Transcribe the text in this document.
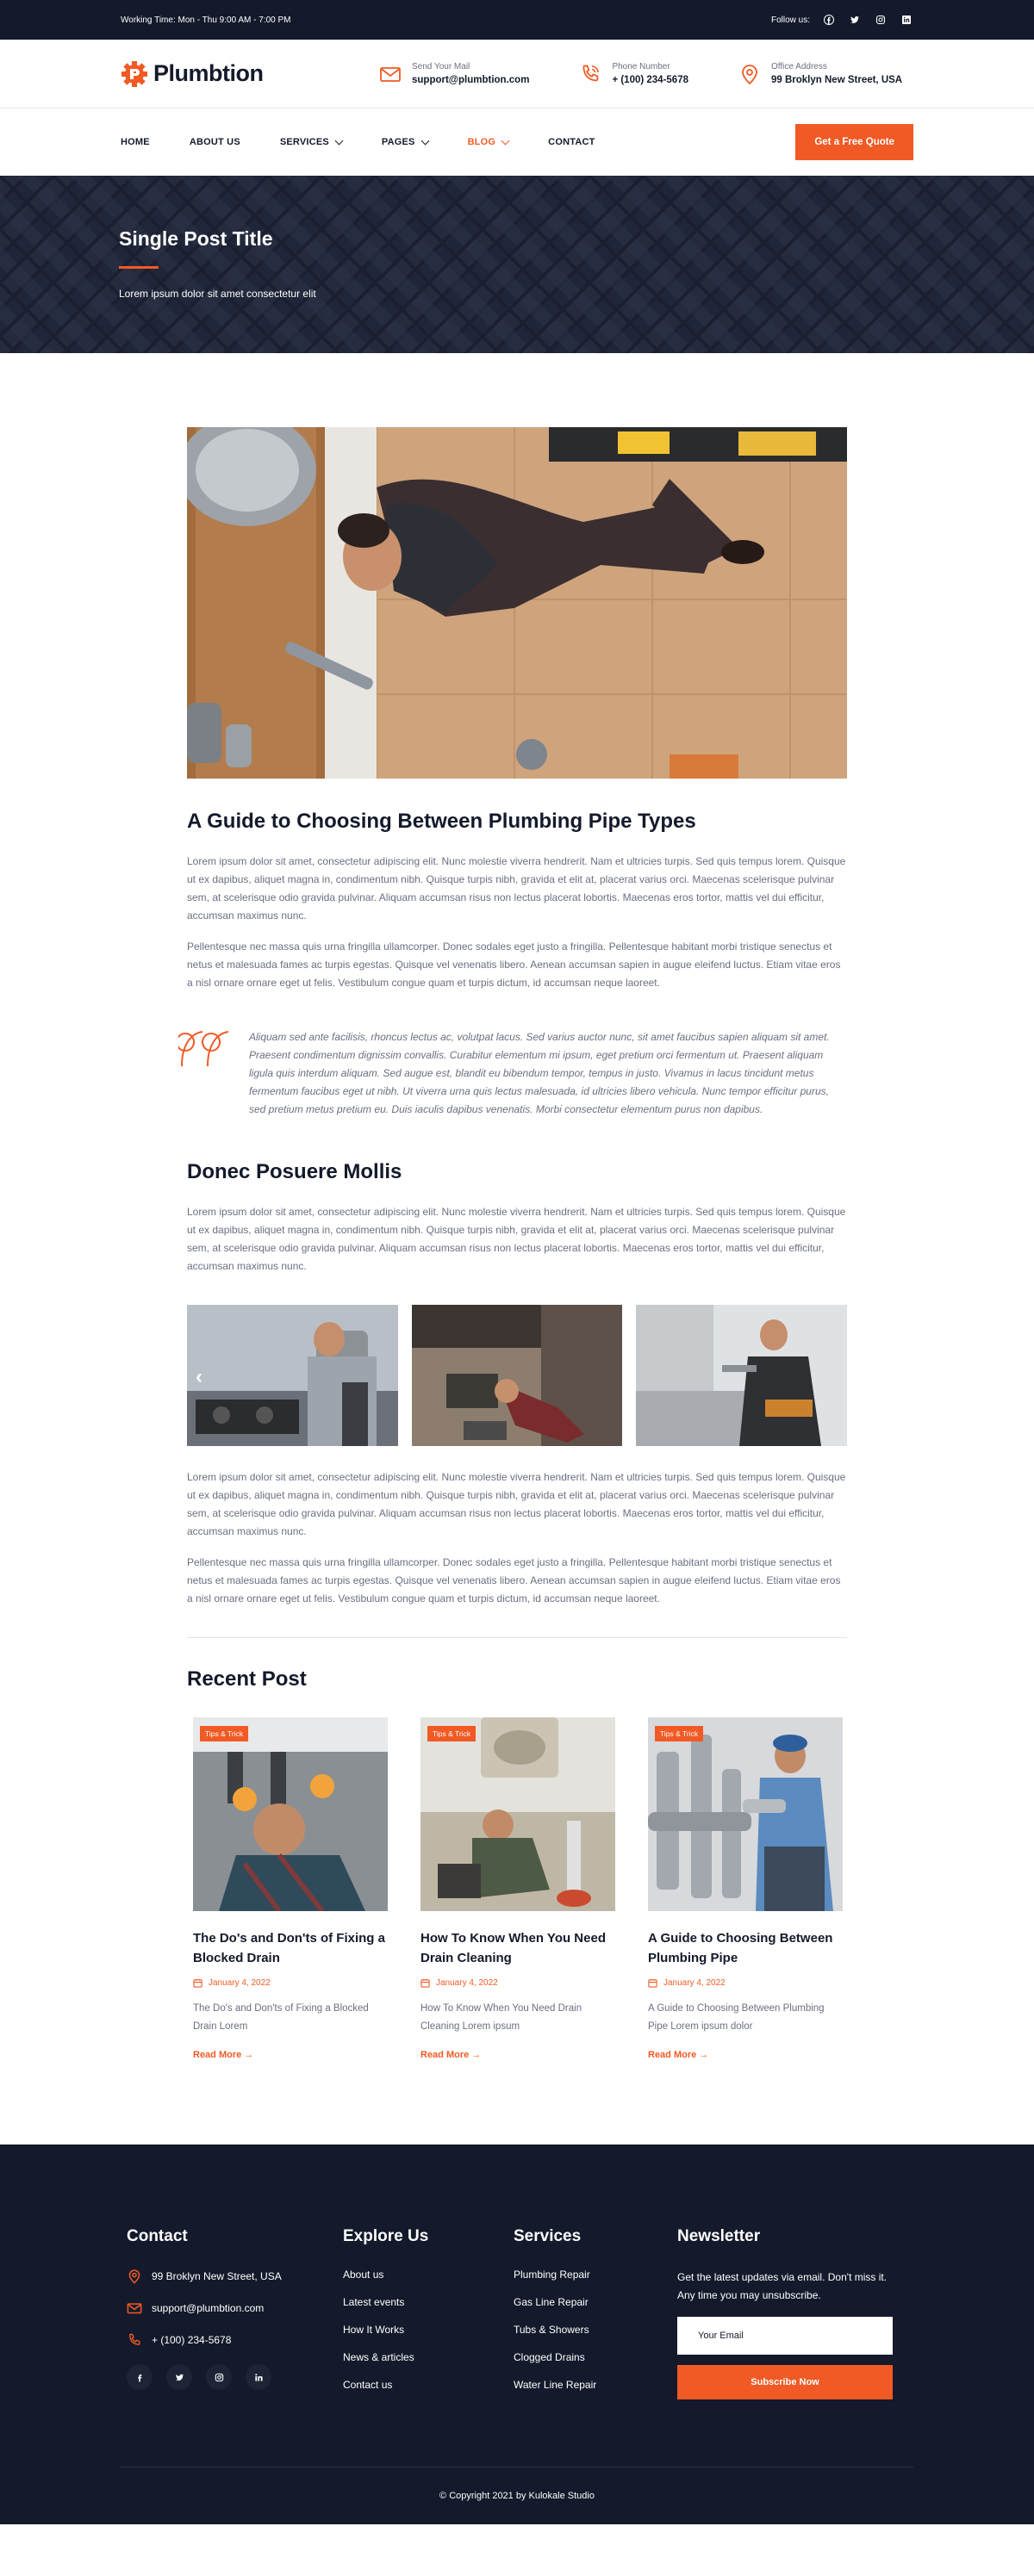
Working Time: Mon - Thu 9:00 AM - 7:00 PM	Follow us:
Plumbtion	Send Your Mail
support@plumbtion.com
Phone Number
+ (100) 234-5678
Office Address
99 Broklyn New Street, USA
HOME	ABOUT US	SERVICES	PAGES	BLOG	CONTACT	Get a Free Quote
Single Post Title

Lorem ipsum dolor sit amet consectetur elit

A Guide to Choosing Between Plumbing Pipe Types

Lorem ipsum dolor sit amet, consectetur adipiscing elit. Nunc molestie viverra hendrerit. Nam et ultricies turpis. Sed quis tempus lorem. Quisque ut ex dapibus, aliquet magna in, condimentum nibh. Quisque turpis nibh, gravida et elit at, placerat varius orci. Maecenas scelerisque pulvinar sem, at scelerisque odio gravida pulvinar. Aliquam accumsan risus non lectus placerat lobortis. Maecenas eros tortor, mattis vel dui efficitur, accumsan maximus nunc.

Pellentesque nec massa quis urna fringilla ullamcorper. Donec sodales eget justo a fringilla. Pellentesque habitant morbi tristique senectus et netus et malesuada fames ac turpis egestas. Quisque vel venenatis libero. Aenean accumsan sapien in augue eleifend luctus. Etiam vitae eros a nisl ornare ornare eget ut felis. Vestibulum congue quam et turpis dictum, id accumsan neque laoreet.

Aliquam sed ante facilisis, rhoncus lectus ac, volutpat lacus. Sed varius auctor nunc, sit amet faucibus sapien aliquam sit amet. Praesent condimentum dignissim convallis. Curabitur elementum mi ipsum, eget pretium orci fermentum ut. Praesent aliquam ligula quis interdum aliquam. Sed augue est, blandit eu bibendum tempor, tempus in justo. Vivamus in lacus tincidunt metus fermentum faucibus eget ut nibh. Ut viverra urna quis lectus malesuada, id ultricies libero vehicula. Nunc tempor efficitur purus, sed pretium metus pretium eu. Duis iaculis dapibus venenatis. Morbi consectetur elementum purus non dapibus.

Donec Posuere Mollis

Lorem ipsum dolor sit amet, consectetur adipiscing elit. Nunc molestie viverra hendrerit. Nam et ultricies turpis. Sed quis tempus lorem. Quisque ut ex dapibus, aliquet magna in, condimentum nibh. Quisque turpis nibh, gravida et elit at, placerat varius orci. Maecenas scelerisque pulvinar sem, at scelerisque odio gravida pulvinar. Aliquam accumsan risus non lectus placerat lobortis. Maecenas eros tortor, mattis vel dui efficitur, accumsan maximus nunc.

‹

Lorem ipsum dolor sit amet, consectetur adipiscing elit. Nunc molestie viverra hendrerit. Nam et ultricies turpis. Sed quis tempus lorem. Quisque ut ex dapibus, aliquet magna in, condimentum nibh. Quisque turpis nibh, gravida et elit at, placerat varius orci. Maecenas scelerisque pulvinar sem, at scelerisque odio gravida pulvinar. Aliquam accumsan risus non lectus placerat lobortis. Maecenas eros tortor, mattis vel dui efficitur, accumsan maximus nunc.

Pellentesque nec massa quis urna fringilla ullamcorper. Donec sodales eget justo a fringilla. Pellentesque habitant morbi tristique senectus et netus et malesuada fames ac turpis egestas. Quisque vel venenatis libero. Aenean accumsan sapien in augue eleifend luctus. Etiam vitae eros a nisl ornare ornare eget ut felis. Vestibulum congue quam et turpis dictum, id accumsan neque laoreet.

Recent Post
Tips & Trick
The Do's and Don'ts of Fixing a Blocked Drain
January 4, 2022

The Do's and Don'ts of Fixing a Blocked Drain Lorem

Read More →
Tips & Trick
How To Know When You Need Drain Cleaning
January 4, 2022

How To Know When You Need Drain Cleaning Lorem ipsum

Read More →
Tips & Trick
A Guide to Choosing Between Plumbing Pipe
January 4, 2022

A Guide to Choosing Between Plumbing Pipe Lorem ipsum dolor

Read More →
Contact
99 Broklyn New Street, USA
support@plumbtion.com
+ (100) 234-5678
Explore Us
About us
Latest events
How It Works
News & articles
Contact us
Services
Plumbing Repair
Gas Line Repair
Tubs & Showers
Clogged Drains
Water Line Repair
Newsletter

Get the latest updates via email. Don't miss it. Any time you may unsubscribe.

Your Email Subscribe Now
© Copyright 2021 by Kulokale Studio
